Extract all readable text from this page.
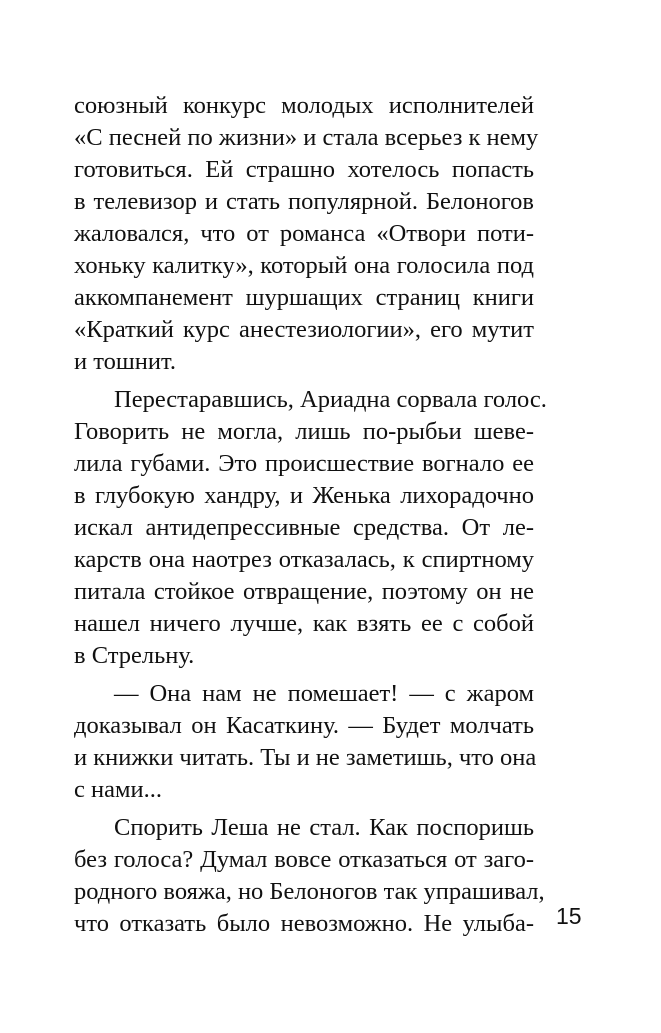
союзный конкурс молодых исполнителей
«С песней по жизни» и стала всерьез к нему
готовиться. Ей страшно хотелось попасть
в телевизор и стать популярной. Белоногов
жаловался, что от романса «Отвори поти-
хоньку калитку», который она голосила под
аккомпанемент шуршащих страниц книги
«Краткий курс анестезиологии», его мутит
и тошнит.
Перестаравшись, Ариадна сорвала голос.
Говорить не могла, лишь по-рыбьи шеве-
лила губами. Это происшествие вогнало ее
в глубокую хандру, и Женька лихорадочно
искал антидепрессивные средства. От ле-
карств она наотрез отказалась, к спиртному
питала стойкое отвращение, поэтому он не
нашел ничего лучше, как взять ее с собой
в Стрельну.
— Она нам не помешает! — с жаром
доказывал он Касаткину. — Будет молчать
и книжки читать. Ты и не заметишь, что она
с нами...
Спорить Леша не стал. Как поспоришь
без голоса? Думал вовсе отказаться от заго-
родного вояжа, но Белоногов так упрашивал,
что отказать было невозможно. Не улыба- 15
